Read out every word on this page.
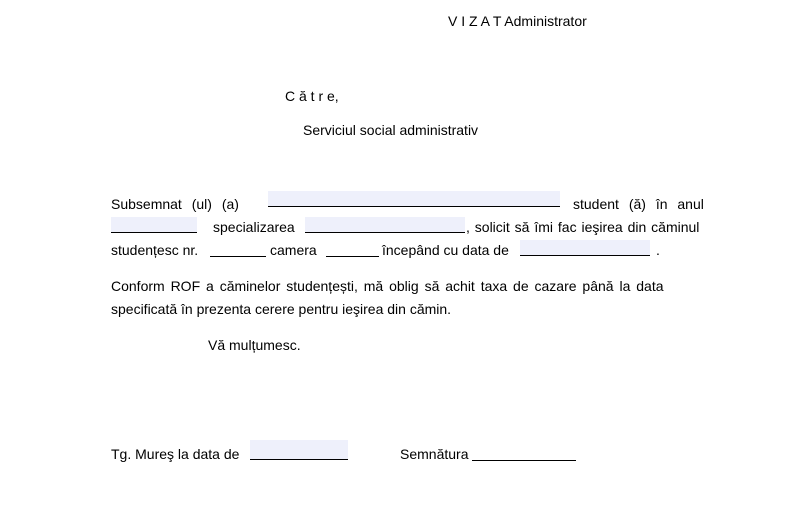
V I Z A T Administrator
C ă t r e,
Serviciul social administrativ
Subsemnat (ul) (a)	student (ă) în anul
specializarea	, solicit să îmi fac ieşirea din căminul
studențesc nr.	camera	începând cu data de	.
Conform ROF a căminelor studențești, mă oblig să achit taxa de cazare până la data
specificată în prezenta cerere pentru ieşirea din cămin.
Vă mulțumesc.
Tg. Mureş la data de	Semnătura
